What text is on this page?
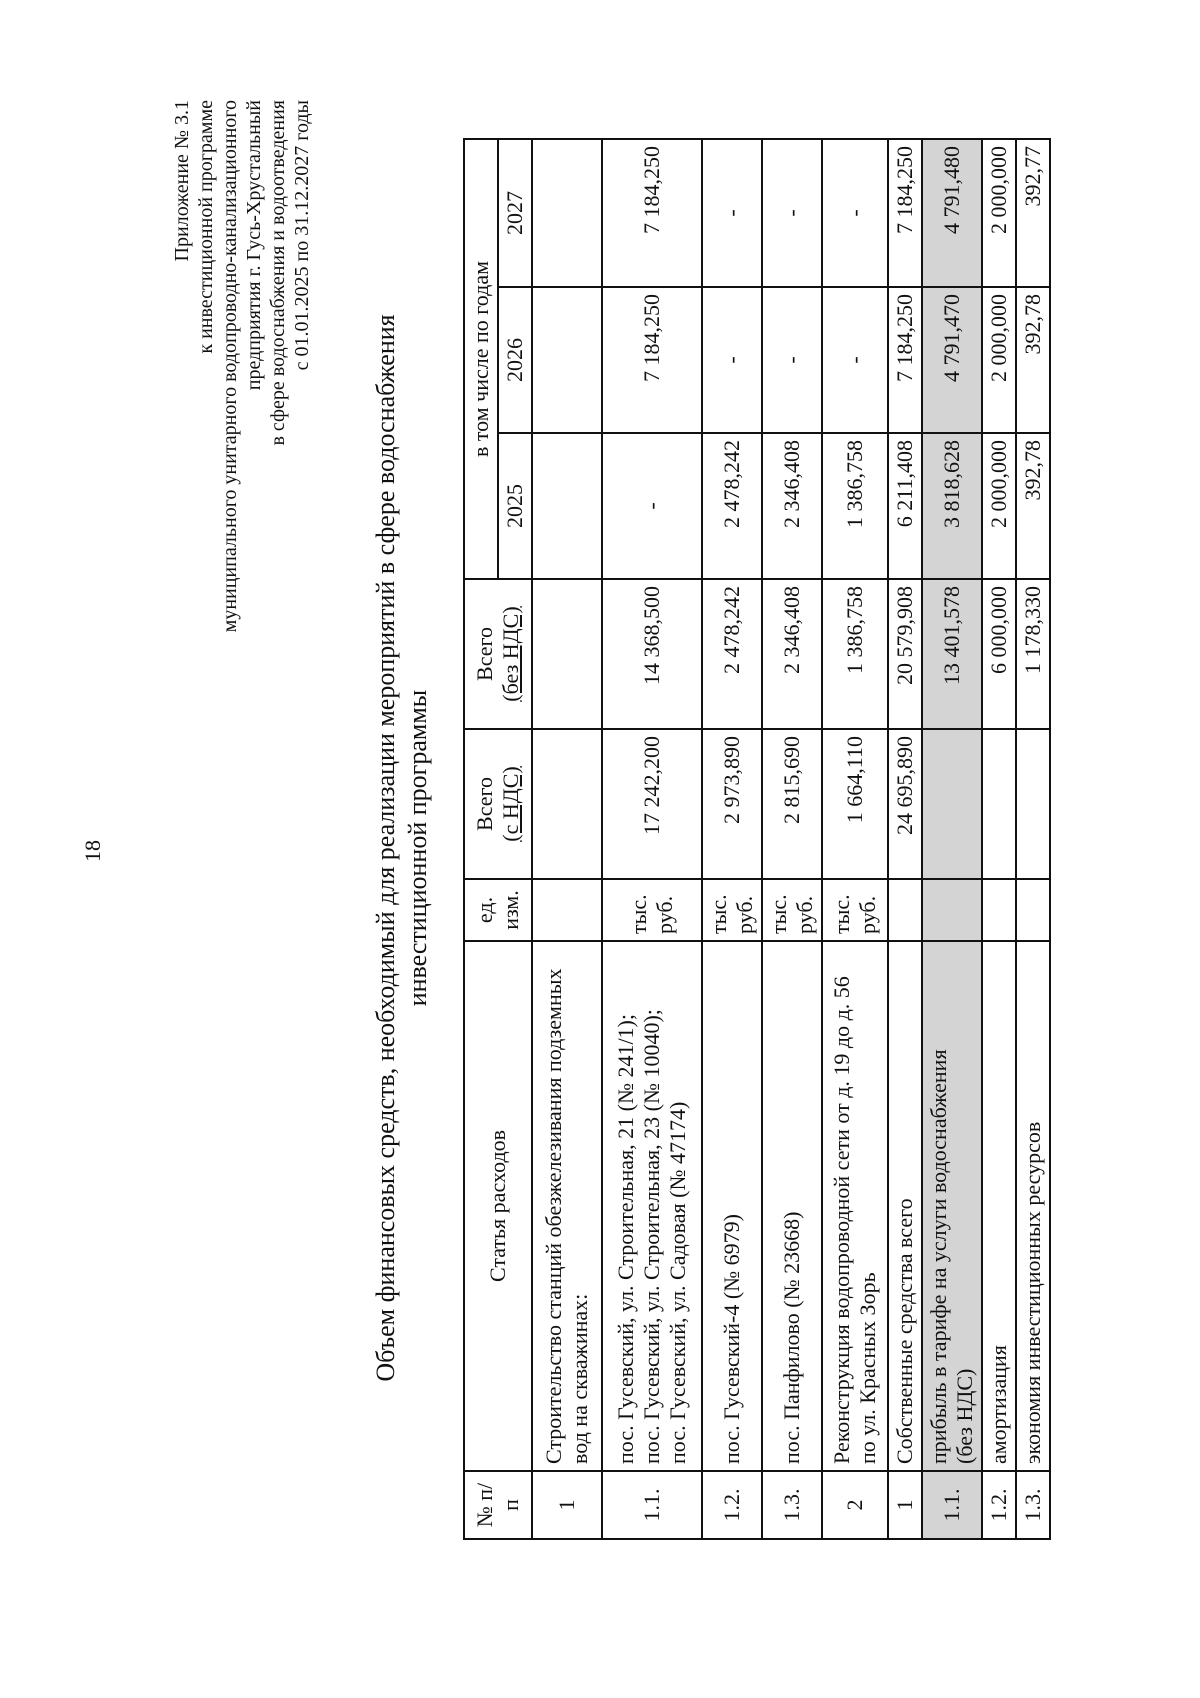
18
Приложение № 3.1 к инвестиционной программе муниципального унитарного водопроводно-канализационного предприятия г. Гусь-Хрустальный в сфере водоснабжения и водоотведения с 01.01.2025 по 31.12.2027 годы
Объем финансовых средств, необходимый для реализации мероприятий в сфере водоснабжения инвестиционной программы
№ п/п	Статья расходов	ед. изм.	Всего (с НДС)	Всего (без НДС)	в том числе по годам		
					2025	2026	2027
1	Строительство станций обезжелезивания подземных вод на скважинах:						

1.1.	пос. Гусевский, ул. Строительная, 21 (№ 241/1); пос. Гусевский, ул. Строительная, 23 (№ 10040); пос. Гусевский, ул. Садовая (№ 47174)	тыс. руб.	17 242,200	14 368,500	-	7 184,250	7 184,250
1.2.	пос. Гусевский-4 (№ 6979)	тыс. руб.	2 973,890	2 478,242	2 478,242	-	-
1.3.	пос. Панфилово (№ 23668)	тыс. руб.	2 815,690	2 346,408	2 346,408	-	-
2	Реконструкция водопроводной сети от д. 19 до д. 56 по ул. Красных Зорь	тыс. руб.	1 664,110	1 386,758	1 386,758	-	-
1	Собственные средства всего		24 695,890	20 579,908	6 211,408	7 184,250	7 184,250
1.1.	прибыль в тарифе на услуги водоснабжения (без НДС)			13 401,578	3 818,628	4 791,470	4 791,480
1.2.	амортизация			6 000,000	2 000,000	2 000,000	2 000,000
1.3.	экономия инвестиционных ресурсов			1 178,330	392,78	392,78	392,77
